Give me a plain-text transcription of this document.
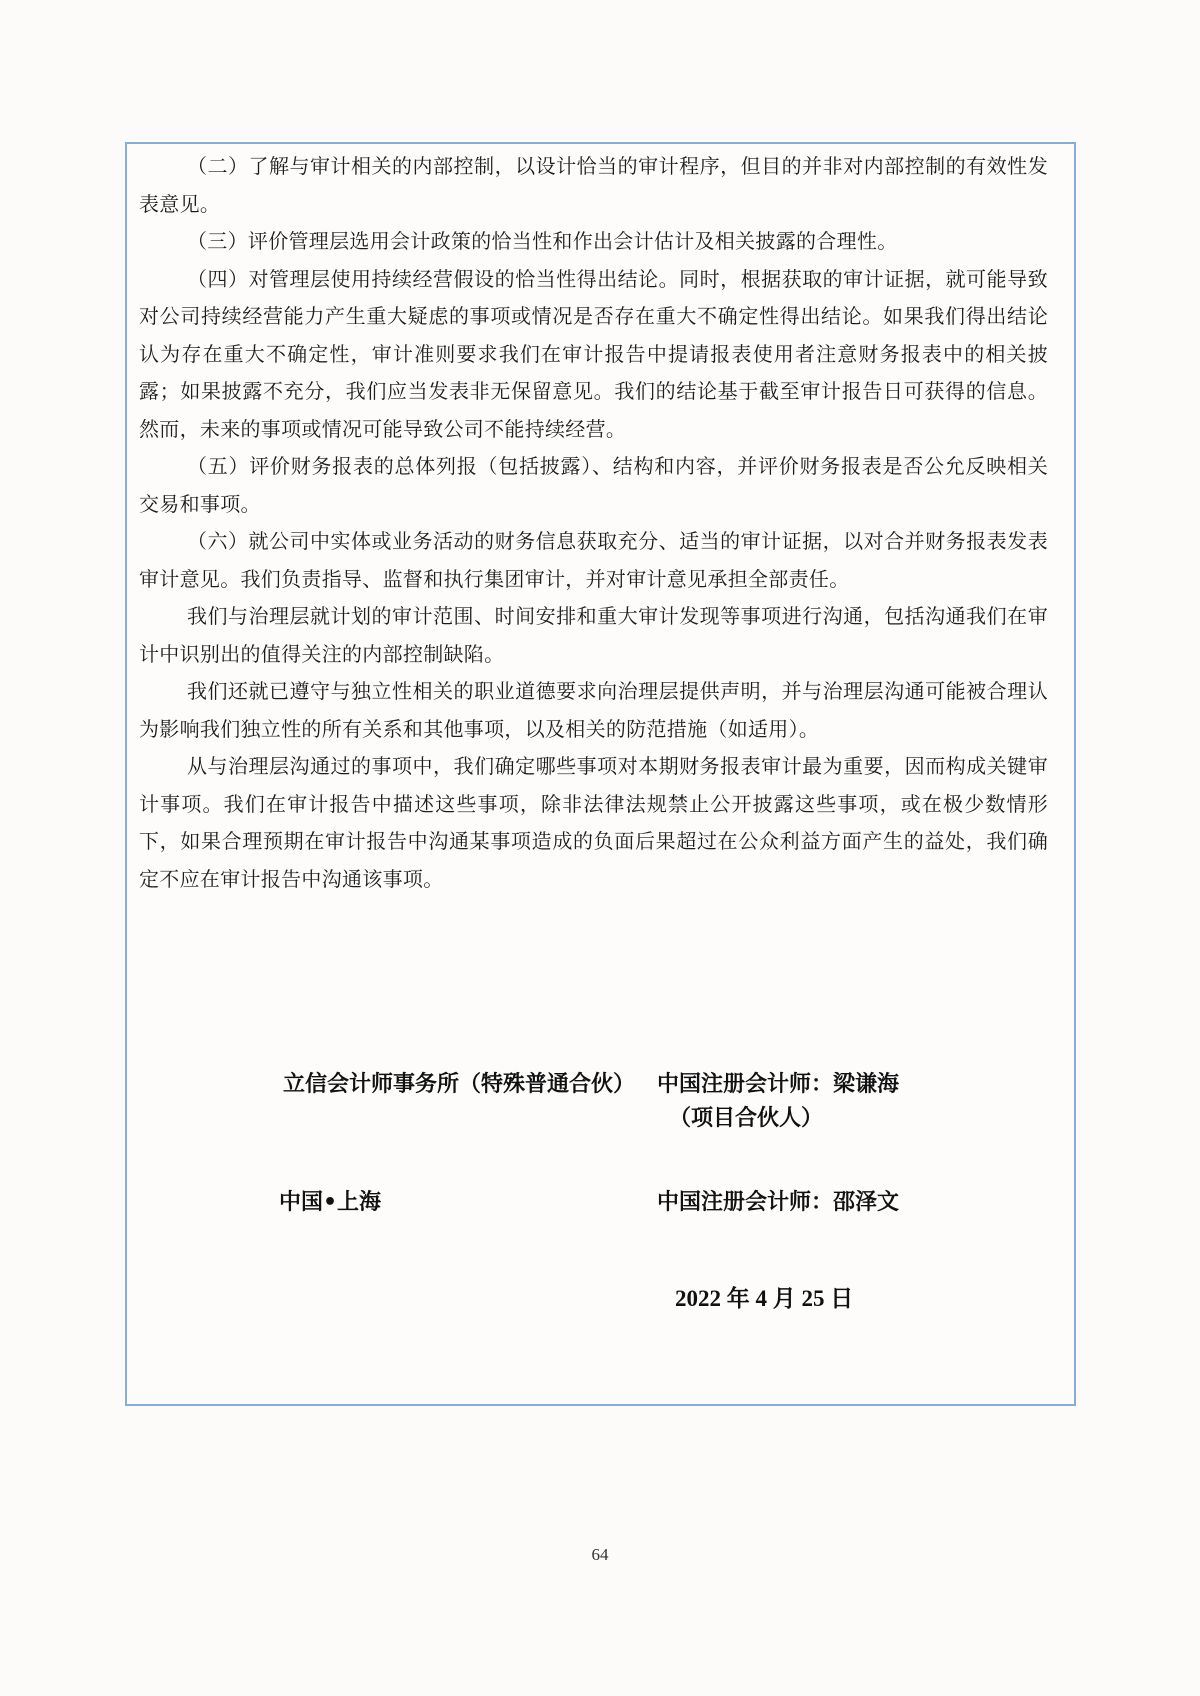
（二）了解与审计相关的内部控制，以设计恰当的审计程序，但目的并非对内部控制的有效性发表意见。

（三）评价管理层选用会计政策的恰当性和作出会计估计及相关披露的合理性。

（四）对管理层使用持续经营假设的恰当性得出结论。同时，根据获取的审计证据，就可能导致对公司持续经营能力产生重大疑虑的事项或情况是否存在重大不确定性得出结论。如果我们得出结论认为存在重大不确定性，审计准则要求我们在审计报告中提请报表使用者注意财务报表中的相关披露；如果披露不充分，我们应当发表非无保留意见。我们的结论基于截至审计报告日可获得的信息。然而，未来的事项或情况可能导致公司不能持续经营。

（五）评价财务报表的总体列报（包括披露）、结构和内容，并评价财务报表是否公允反映相关交易和事项。

（六）就公司中实体或业务活动的财务信息获取充分、适当的审计证据，以对合并财务报表发表审计意见。我们负责指导、监督和执行集团审计，并对审计意见承担全部责任。

我们与治理层就计划的审计范围、时间安排和重大审计发现等事项进行沟通，包括沟通我们在审计中识别出的值得关注的内部控制缺陷。

我们还就已遵守与独立性相关的职业道德要求向治理层提供声明，并与治理层沟通可能被合理认为影响我们独立性的所有关系和其他事项，以及相关的防范措施（如适用）。

从与治理层沟通过的事项中，我们确定哪些事项对本期财务报表审计最为重要，因而构成关键审计事项。我们在审计报告中描述这些事项，除非法律法规禁止公开披露这些事项，或在极少数情形下，如果合理预期在审计报告中沟通某事项造成的负面后果超过在公众利益方面产生的益处，我们确定不应在审计报告中沟通该事项。

立信会计师事务所（特殊普通合伙） 中国注册会计师：梁谦海
（项目合伙人）
中国•上海	中国注册会计师：邵泽文
2022 年 4 月 25 日
64
